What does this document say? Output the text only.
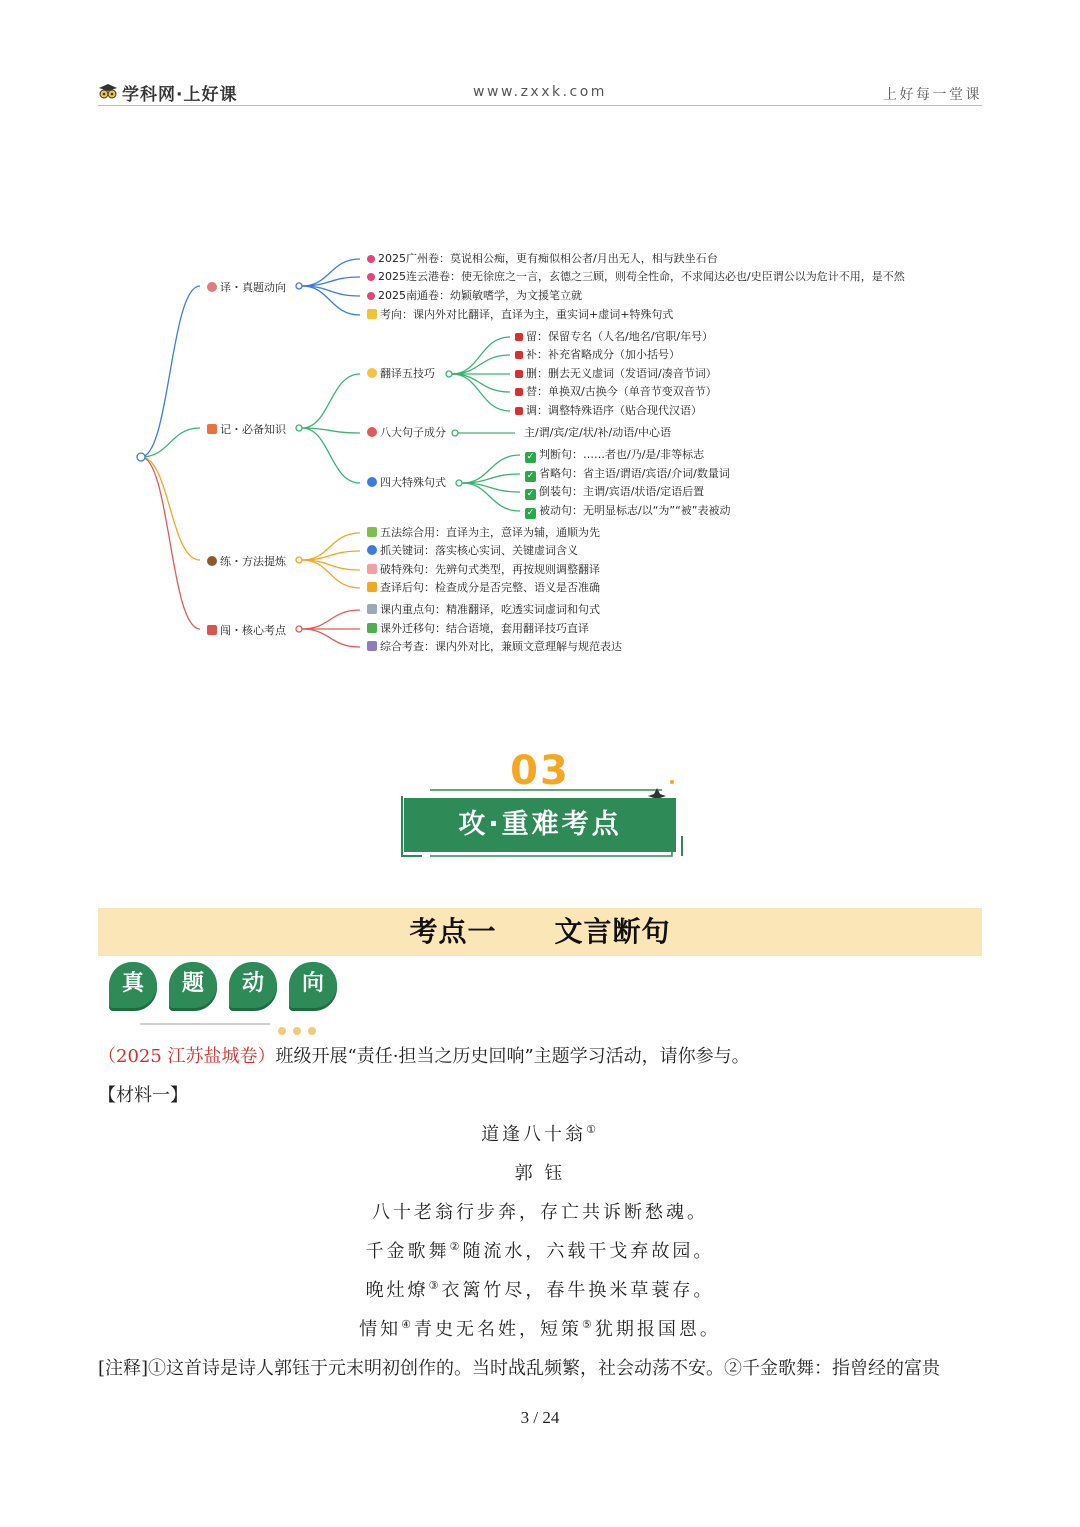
学科网·上好课	www.zxxk.com	上好每一堂课
译・真题动向
记・必备知识
练・方法提炼
闯・核心考点
2025广州卷：莫说相公痴，更有痴似相公者/月出无人，相与趺坐石台
2025连云港卷：使无徐庶之一言，玄德之三顾，则苟全性命，不求闻达必也/史臣谓公以为危计不用，是不然
2025南通卷：幼颖敏嗜学，为文援笔立就
考向：课内外对比翻译，直译为主，重实词+虚词+特殊句式
翻译五技巧
八大句子成分
四大特殊句式
留：保留专名（人名/地名/官职/年号）
补：补充省略成分（加小括号）
删：删去无义虚词（发语词/凑音节词）
替：单换双/古换今（单音节变双音节）
调：调整特殊语序（贴合现代汉语）
主/谓/宾/定/状/补/动语/中心语
✓ 判断句：……者也/乃/是/非等标志
✓ 省略句：省主语/谓语/宾语/介词/数量词
✓ 倒装句：主谓/宾语/状语/定语后置
✓ 被动句：无明显标志/以“为”“被”表被动
五法综合用：直译为主，意译为辅，通顺为先
抓关键词：落实核心实词、关键虚词含义
破特殊句：先辨句式类型，再按规则调整翻译
查译后句：检查成分是否完整、语义是否准确
课内重点句：精准翻译，吃透实词虚词和句式
课外迁移句：结合语境，套用翻译技巧直译
综合考查：课内外对比，兼顾文意理解与规范表达
03
攻·重难考点
考点一　　文言断句
真	题	动	向
（2025 江苏盐城卷）班级开展“责任·担当之历史回响”主题学习活动，请你参与。
【材料一】
道逢八十翁①
郭 钰
八十老翁行步奔，存亡共诉断愁魂。
千金歌舞②随流水，六载干戈弃故园。
晚灶燎③衣篱竹尽，春牛换米草蓑存。
情知④青史无名姓，短策⑤犹期报国恩。
[注释]①这首诗是诗人郭钰于元末明初创作的。当时战乱频繁，社会动荡不安。②千金歌舞：指曾经的富贵
3 / 24
